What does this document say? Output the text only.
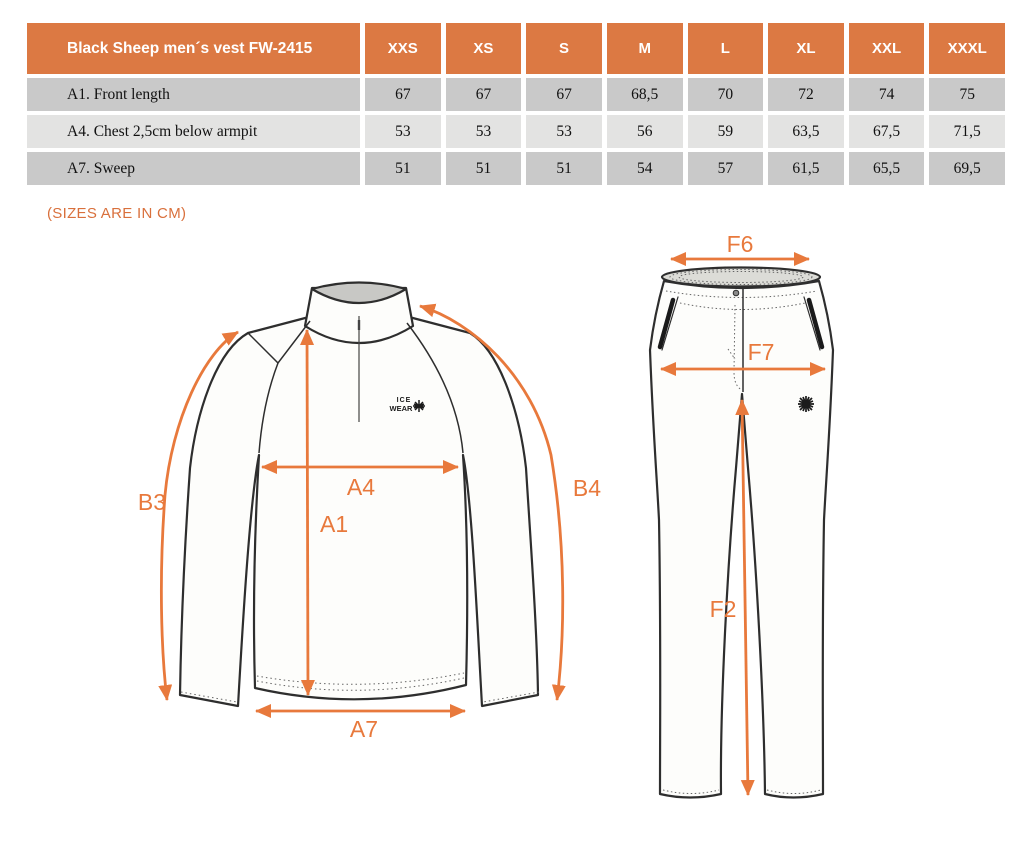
Black Sheep men´s vest FW-2415	XXS	XS	S	M	L	XL	XXL	XXXL
A1. Front length	67	67	67	68,5	70	72	74	75
A4. Chest 2,5cm below armpit	53	53	53	56	59	63,5	67,5	71,5
A7. Sweep	51	51	51	54	57	61,5	65,5	69,5
(SIZES ARE IN CM)
ICE
WEAR
B3
B4
A4
A1
A7
F6
F7
F2
